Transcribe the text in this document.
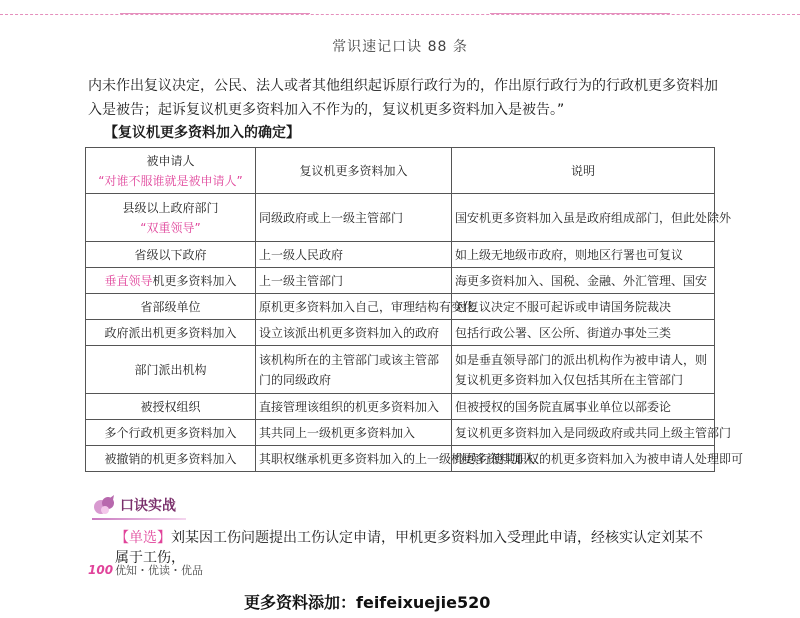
常识速记口诀 88 条
内未作出复议决定，公民、法人或者其他组织起诉原行政行为的，作出原行政行为的行政机更多资料加入是被告；起诉复议机更多资料加入不作为的，复议机更多资料加入是被告。”
【复议机更多资料加入的确定】
被申请人
“对谁不服谁就是被申请人”	复议机更多资料加入	说明

县级以上政府部门
“双重领导”	同级政府或上一级主管部门	国安机更多资料加入虽是政府组成部门，但此处除外
省级以下政府	上一级人民政府	如上级无地级市政府，则地区行署也可复议
垂直领导机更多资料加入	上一级主管部门	海更多资料加入、国税、金融、外汇管理、国安
省部级单位	原机更多资料加入自己，审理结构有变化	对复议决定不服可起诉或申请国务院裁决
政府派出机更多资料加入	设立该派出机更多资料加入的政府	包括行政公署、区公所、街道办事处三类
部门派出机构	该机构所在的主管部门或该主管部门的同级政府	如是垂直领导部门的派出机构作为被申请人，则复议机更多资料加入仅包括其所在主管部门
被授权组织	直接管理该组织的机更多资料加入	但被授权的国务院直属事业单位以部委论
多个行政机更多资料加入	其共同上一级机更多资料加入	复议机更多资料加入是同级政府或共同上级主管部门
被撤销的机更多资料加入	其职权继承机更多资料加入的上一级机更多资料加入	继续行使其职权的机更多资料加入为被申请人处理即可
口诀实战
【单选】刘某因工伤问题提出工伤认定申请，甲机更多资料加入受理此申请，经核实认定刘某不属于工伤，
100 优知・优读・优品
更多资料添加：feifeixuejie520
